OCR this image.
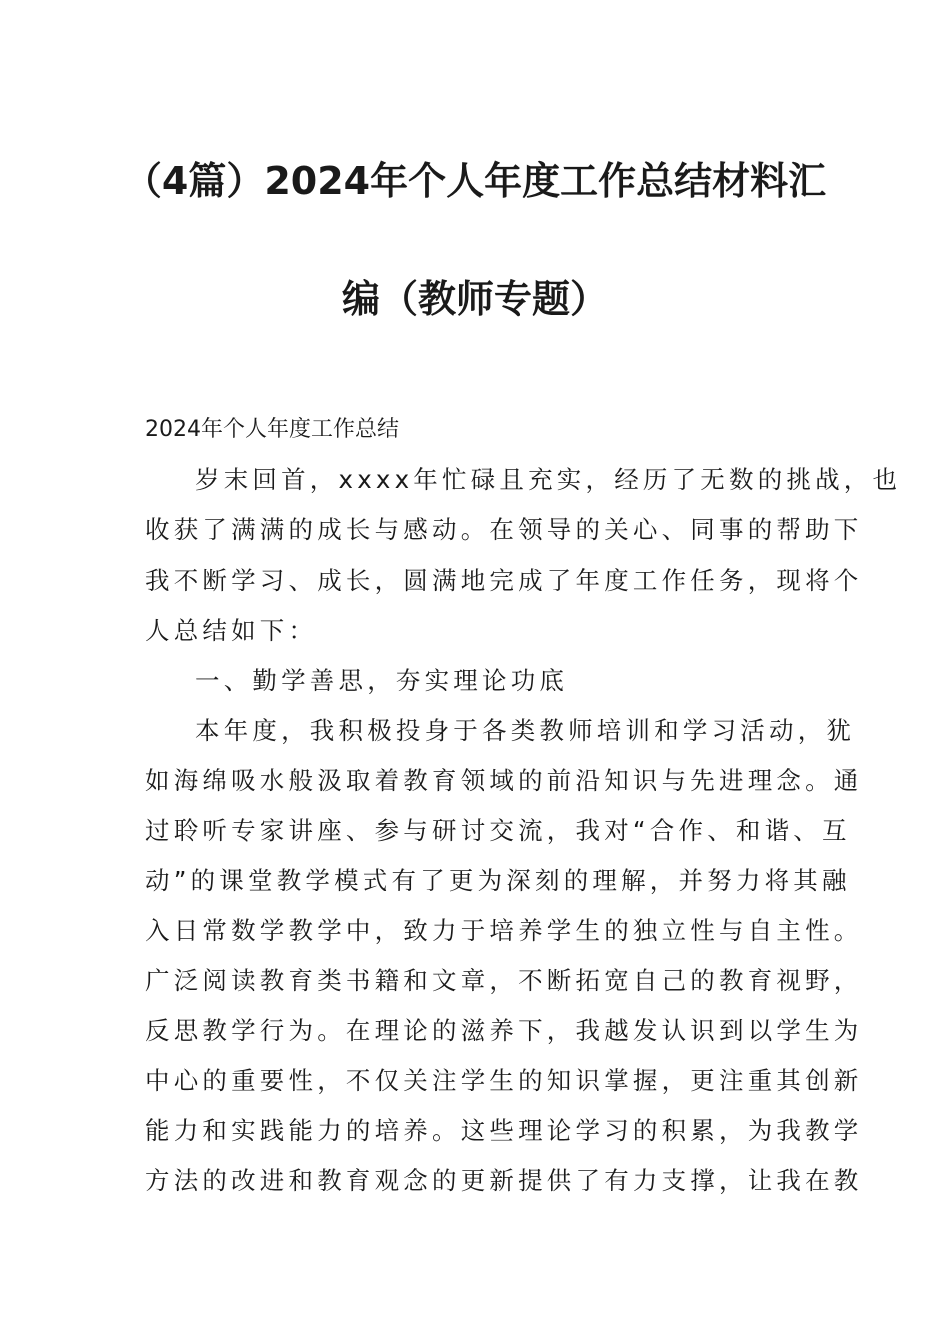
（4篇）2024年个人年度工作总结材料汇
编（教师专题）
2024年个人年度工作总结
岁末回首，xxxx年忙碌且充实，经历了无数的挑战，也
收获了满满的成长与感动。在领导的关心、同事的帮助下
我不断学习、成长，圆满地完成了年度工作任务，现将个
人总结如下：
一、勤学善思，夯实理论功底
本年度，我积极投身于各类教师培训和学习活动，犹
如海绵吸水般汲取着教育领域的前沿知识与先进理念。通
过聆听专家讲座、参与研讨交流，我对“合作、和谐、互
动”的课堂教学模式有了更为深刻的理解，并努力将其融
入日常数学教学中，致力于培养学生的独立性与自主性。
广泛阅读教育类书籍和文章，不断拓宽自己的教育视野，
反思教学行为。在理论的滋养下，我越发认识到以学生为
中心的重要性，不仅关注学生的知识掌握，更注重其创新
能力和实践能力的培养。这些理论学习的积累，为我教学
方法的改进和教育观念的更新提供了有力支撑，让我在教
